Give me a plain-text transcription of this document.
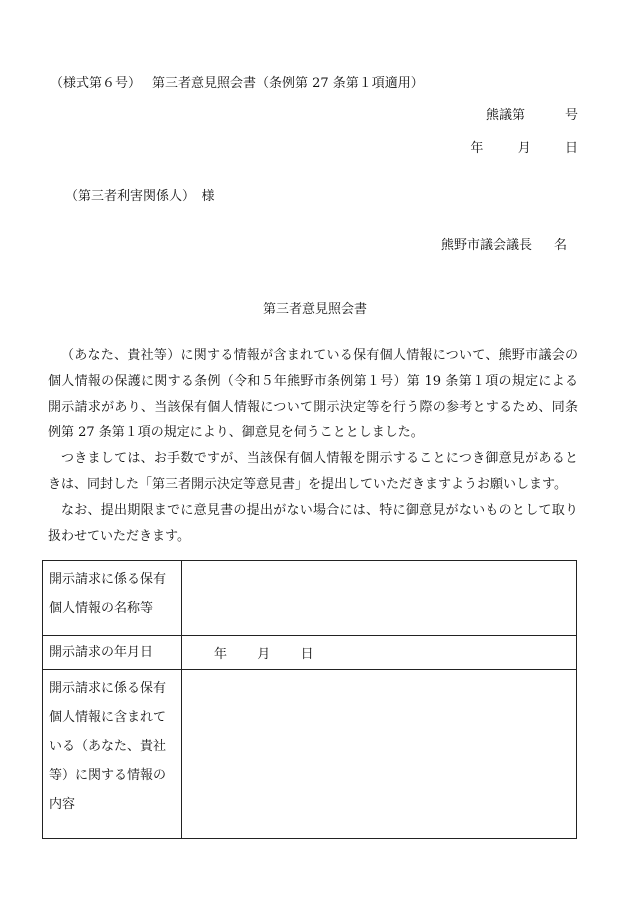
（様式第６号） 第三者意見照会書（条例第 27 条第１項適用）
熊議第	号
年	月	日
（第三者利害関係人）　様
熊野市議会議長 名
第三者意見照会書

（あなた、貴社等）に関する情報が含まれている保有個人情報について、熊野市議会の個人情報の保護に関する条例（令和５年熊野市条例第１号）第 19 条第１項の規定による開示請求があり、当該保有個人情報について開示決定等を行う際の参考とするため、同条例第 27 条第１項の規定により、御意見を伺うこととしました。

つきましては、お手数ですが、当該保有個人情報を開示することにつき御意見があるときは、同封した「第三者開示決定等意見書」を提出していただきますようお願いします。

なお、提出期限までに意見書の提出がない場合には、特に御意見がないものとして取り扱わせていただきます。

開示請求に係る保有
個人情報の名称等	

開示請求の年月日	年 月 日

開示請求に係る保有
個人情報に含まれて
いる（あなた、貴社
等）に関する情報の
内容	
